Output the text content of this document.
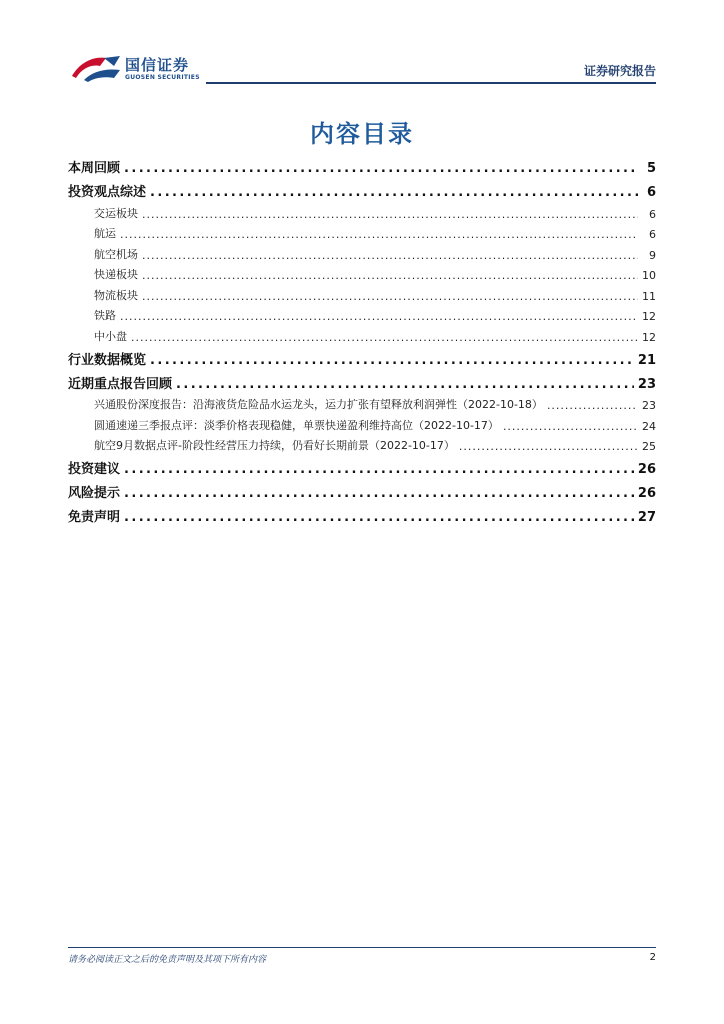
国信证券
GUOSEN SECURITIES	证券研究报告
内容目录
本周回顾 .....	5
投资观点综述 .....	6
交运板块 .....	6
航运 .....	6
航空机场 .....	9
快递板块 .....	10
物流板块 .....	11
铁路 .....	12
中小盘 .....	12
行业数据概览 .....	21
近期重点报告回顾 .....	23
兴通股份深度报告：沿海液货危险品水运龙头，运力扩张有望释放利润弹性（2022-10-18） .....	23
圆通速递三季报点评：淡季价格表现稳健，单票快递盈利维持高位（2022-10-17） .....	24
航空9月数据点评-阶段性经营压力持续，仍看好长期前景（2022-10-17） .....	25
投资建议 .....	26
风险提示 .....	26
免责声明 .....	27
请务必阅读正文之后的免责声明及其项下所有内容	2
